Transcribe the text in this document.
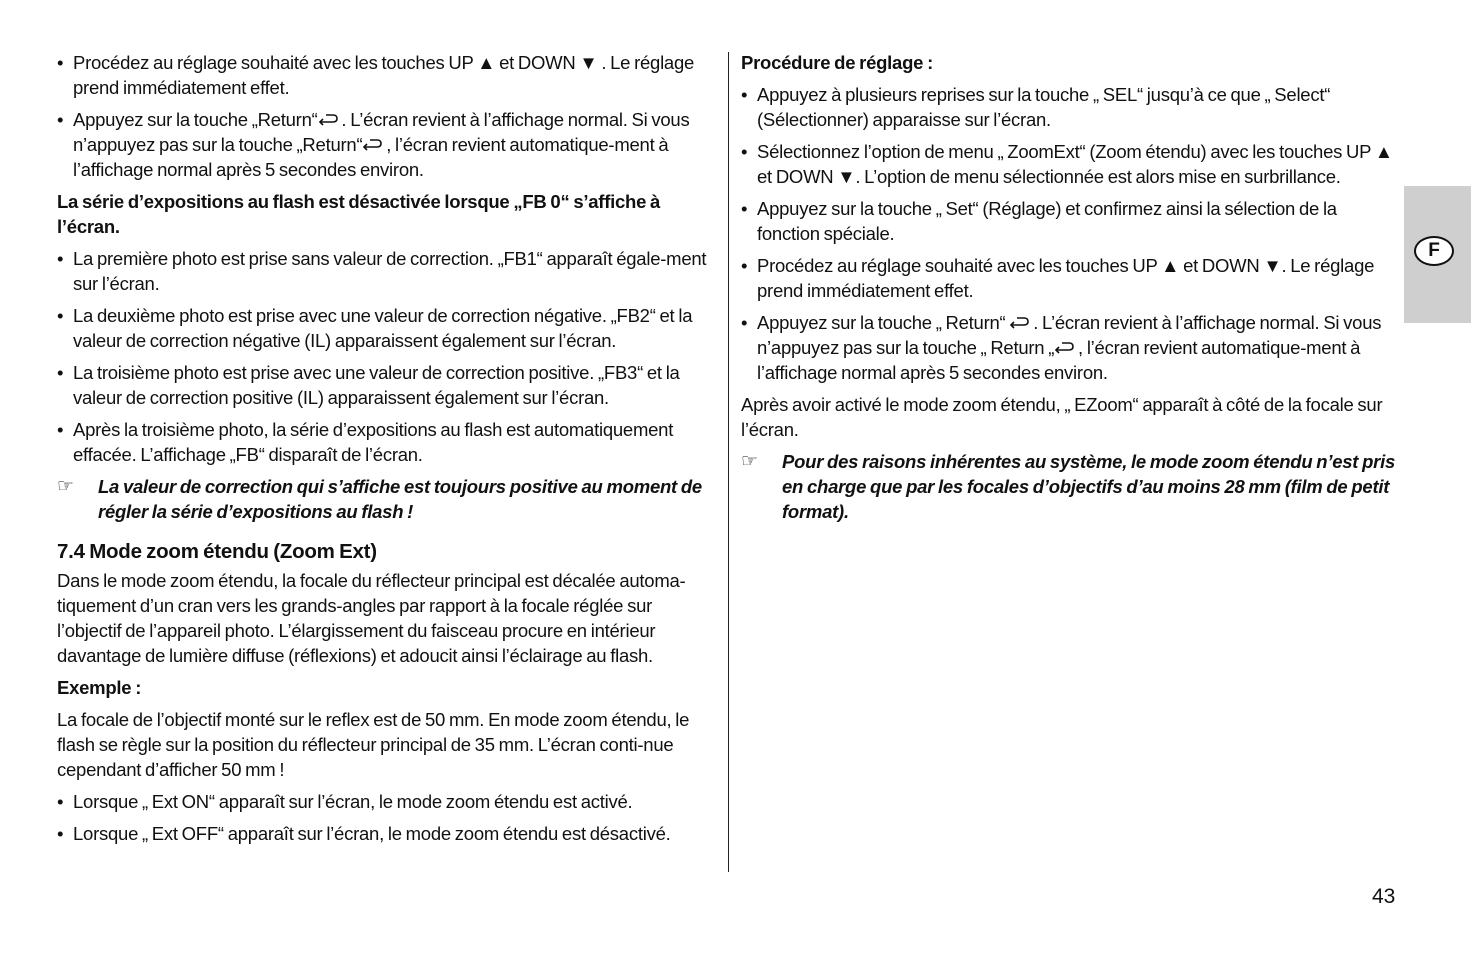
• Procédez au réglage souhaité avec les touches UP ▲ et DOWN ▼ . Le réglage prend immédiatement effet.
• Appuyez sur la touche „Return“ . L’écran revient à l’affichage normal. Si vous n’appuyez pas sur la touche „Return“ , l’écran revient automatique-ment à l’affichage normal après 5 secondes environ.
La série d’expositions au flash est désactivée lorsque „FB 0“ s’affiche à l’écran.
• La première photo est prise sans valeur de correction. „FB1“ apparaît égale-ment sur l’écran.
• La deuxième photo est prise avec une valeur de correction négative. „FB2“ et la valeur de correction négative (IL) apparaissent également sur l’écran.
• La troisième photo est prise avec une valeur de correction positive. „FB3“ et la valeur de correction positive (IL) apparaissent également sur l’écran.
• Après la troisième photo, la série d’expositions au flash est automatiquement effacée. L’affichage „FB“ disparaît de l’écran.
☞ La valeur de correction qui s’affiche est toujours positive au moment de régler la série d’expositions au flash !
7.4 Mode zoom étendu (Zoom Ext)
Dans le mode zoom étendu, la focale du réflecteur principal est décalée automa-tiquement d’un cran vers les grands-angles par rapport à la focale réglée sur l’objectif de l’appareil photo. L’élargissement du faisceau procure en intérieur davantage de lumière diffuse (réflexions) et adoucit ainsi l’éclairage au flash.
Exemple :
La focale de l’objectif monté sur le reflex est de 50 mm. En mode zoom étendu, le flash se règle sur la position du réflecteur principal de 35 mm. L’écran conti-nue cependant d’afficher 50 mm !
• Lorsque „ Ext ON“ apparaît sur l’écran, le mode zoom étendu est activé.
• Lorsque „ Ext OFF“ apparaît sur l’écran, le mode zoom étendu est désactivé.
Procédure de réglage :
• Appuyez à plusieurs reprises sur la touche „ SEL“ jusqu’à ce que „ Select“ (Sélectionner) apparaisse sur l’écran.
• Sélectionnez l’option de menu „ ZoomExt“ (Zoom étendu) avec les touches UP ▲ et DOWN ▼. L’option de menu sélectionnée est alors mise en surbrillance.
• Appuyez sur la touche „ Set“ (Réglage) et confirmez ainsi la sélection de la fonction spéciale.
• Procédez au réglage souhaité avec les touches UP ▲ et DOWN ▼. Le réglage prend immédiatement effet.
• Appuyez sur la touche „ Return“  . L’écran revient à l’affichage normal. Si vous n’appuyez pas sur la touche „ Return „ , l’écran revient automatique-ment à l’affichage normal après 5 secondes environ.
Après avoir activé le mode zoom étendu, „ EZoom“ apparaît à côté de la focale sur l’écran.
☞ Pour des raisons inhérentes au système, le mode zoom étendu n’est pris en charge que par les focales d’objectifs d’au moins 28 mm (film de petit format).
F
43
